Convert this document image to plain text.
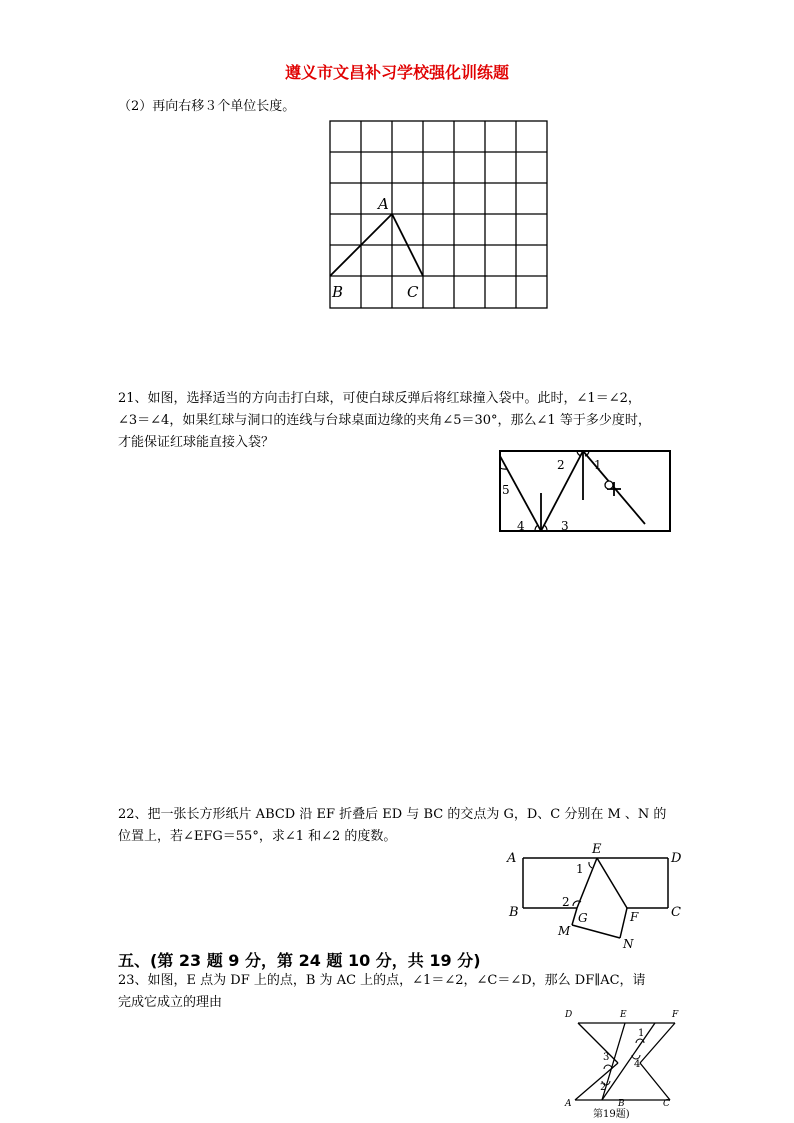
遵义市文昌补习学校强化训练题
（2）再向右移３个单位长度。
A
B	C
21、如图，选择适当的方向击打白球，可使白球反弹后将红球撞入袋中。此时，∠1＝∠2，
∠3＝∠4，如果红球与洞口的连线与台球桌面边缘的夹角∠5＝30°，那么∠1 等于多少度时，
才能保证红球能直接入袋？
5
4	3
2 1
22、把一张长方形纸片 ABCD 沿 EF 折叠后 ED 与 BC 的交点为 G，D、C 分别在 M 、N 的
位置上，若∠EFG＝55°，求∠1 和∠2 的度数。
A	D
B	C
E
F
G
M
N
1
2
五、(第 23 题 9 分，第 24 题 10 分，共 19 分)
23、如图，E 点为 DF 上的点，B 为 AC 上的点，∠1＝∠2，∠C＝∠D，那么 DF∥AC，请
完成它成立的理由
D	E	F
A	B	C
1
2
3
4
第19题)
